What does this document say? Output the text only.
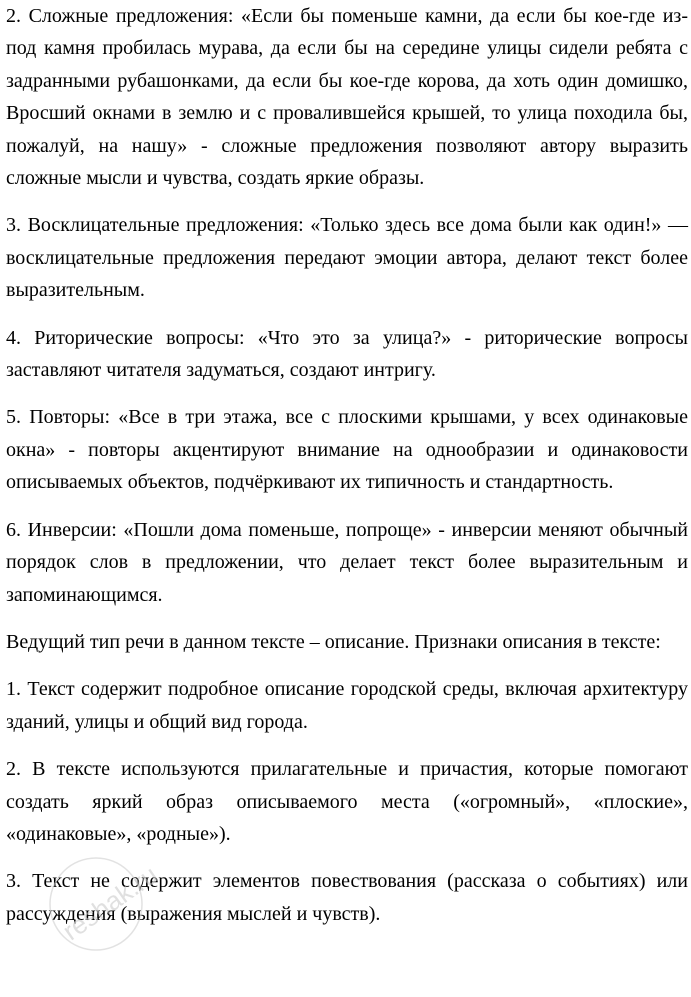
2. Сложные предложения: «Если бы поменьше камни, да если бы кое-где из-под камня пробилась мурава, да если бы на середине улицы сидели ребята с задранными рубашонками, да если бы кое-где корова, да хоть один домишко, Вросший окнами в землю и с провалившейся крышей, то улица походила бы, пожалуй, на нашу» - сложные предложения позволяют автору выразить сложные мысли и чувства, создать яркие образы.

3. Восклицательные предложения: «Только здесь все дома были как один!» — восклицательные предложения передают эмоции автора, делают текст более выразительным.

4. Риторические вопросы: «Что это за улица?» - риторические вопросы заставляют читателя задуматься, создают интригу.

5. Повторы: «Все в три этажа, все с плоскими крышами, у всех одинаковые окна» - повторы акцентируют внимание на однообразии и одинаковости описываемых объектов, подчёркивают их типичность и стандартность.

6. Инверсии: «Пошли дома поменьше, попроще» - инверсии меняют обычный порядок слов в предложении, что делает текст более выразительным и запоминающимся.

Ведущий тип речи в данном тексте – описание. Признаки описания в тексте:

1. Текст содержит подробное описание городской среды, включая архитектуру зданий, улицы и общий вид города.

2. В тексте используются прилагательные и причастия, которые помогают создать яркий образ описываемого места («огромный», «плоские», «одинаковые», «родные»).

3. Текст не содержит элементов повествования (рассказа о событиях) или рассуждения (выражения мыслей и чувств).

reshak.ru
